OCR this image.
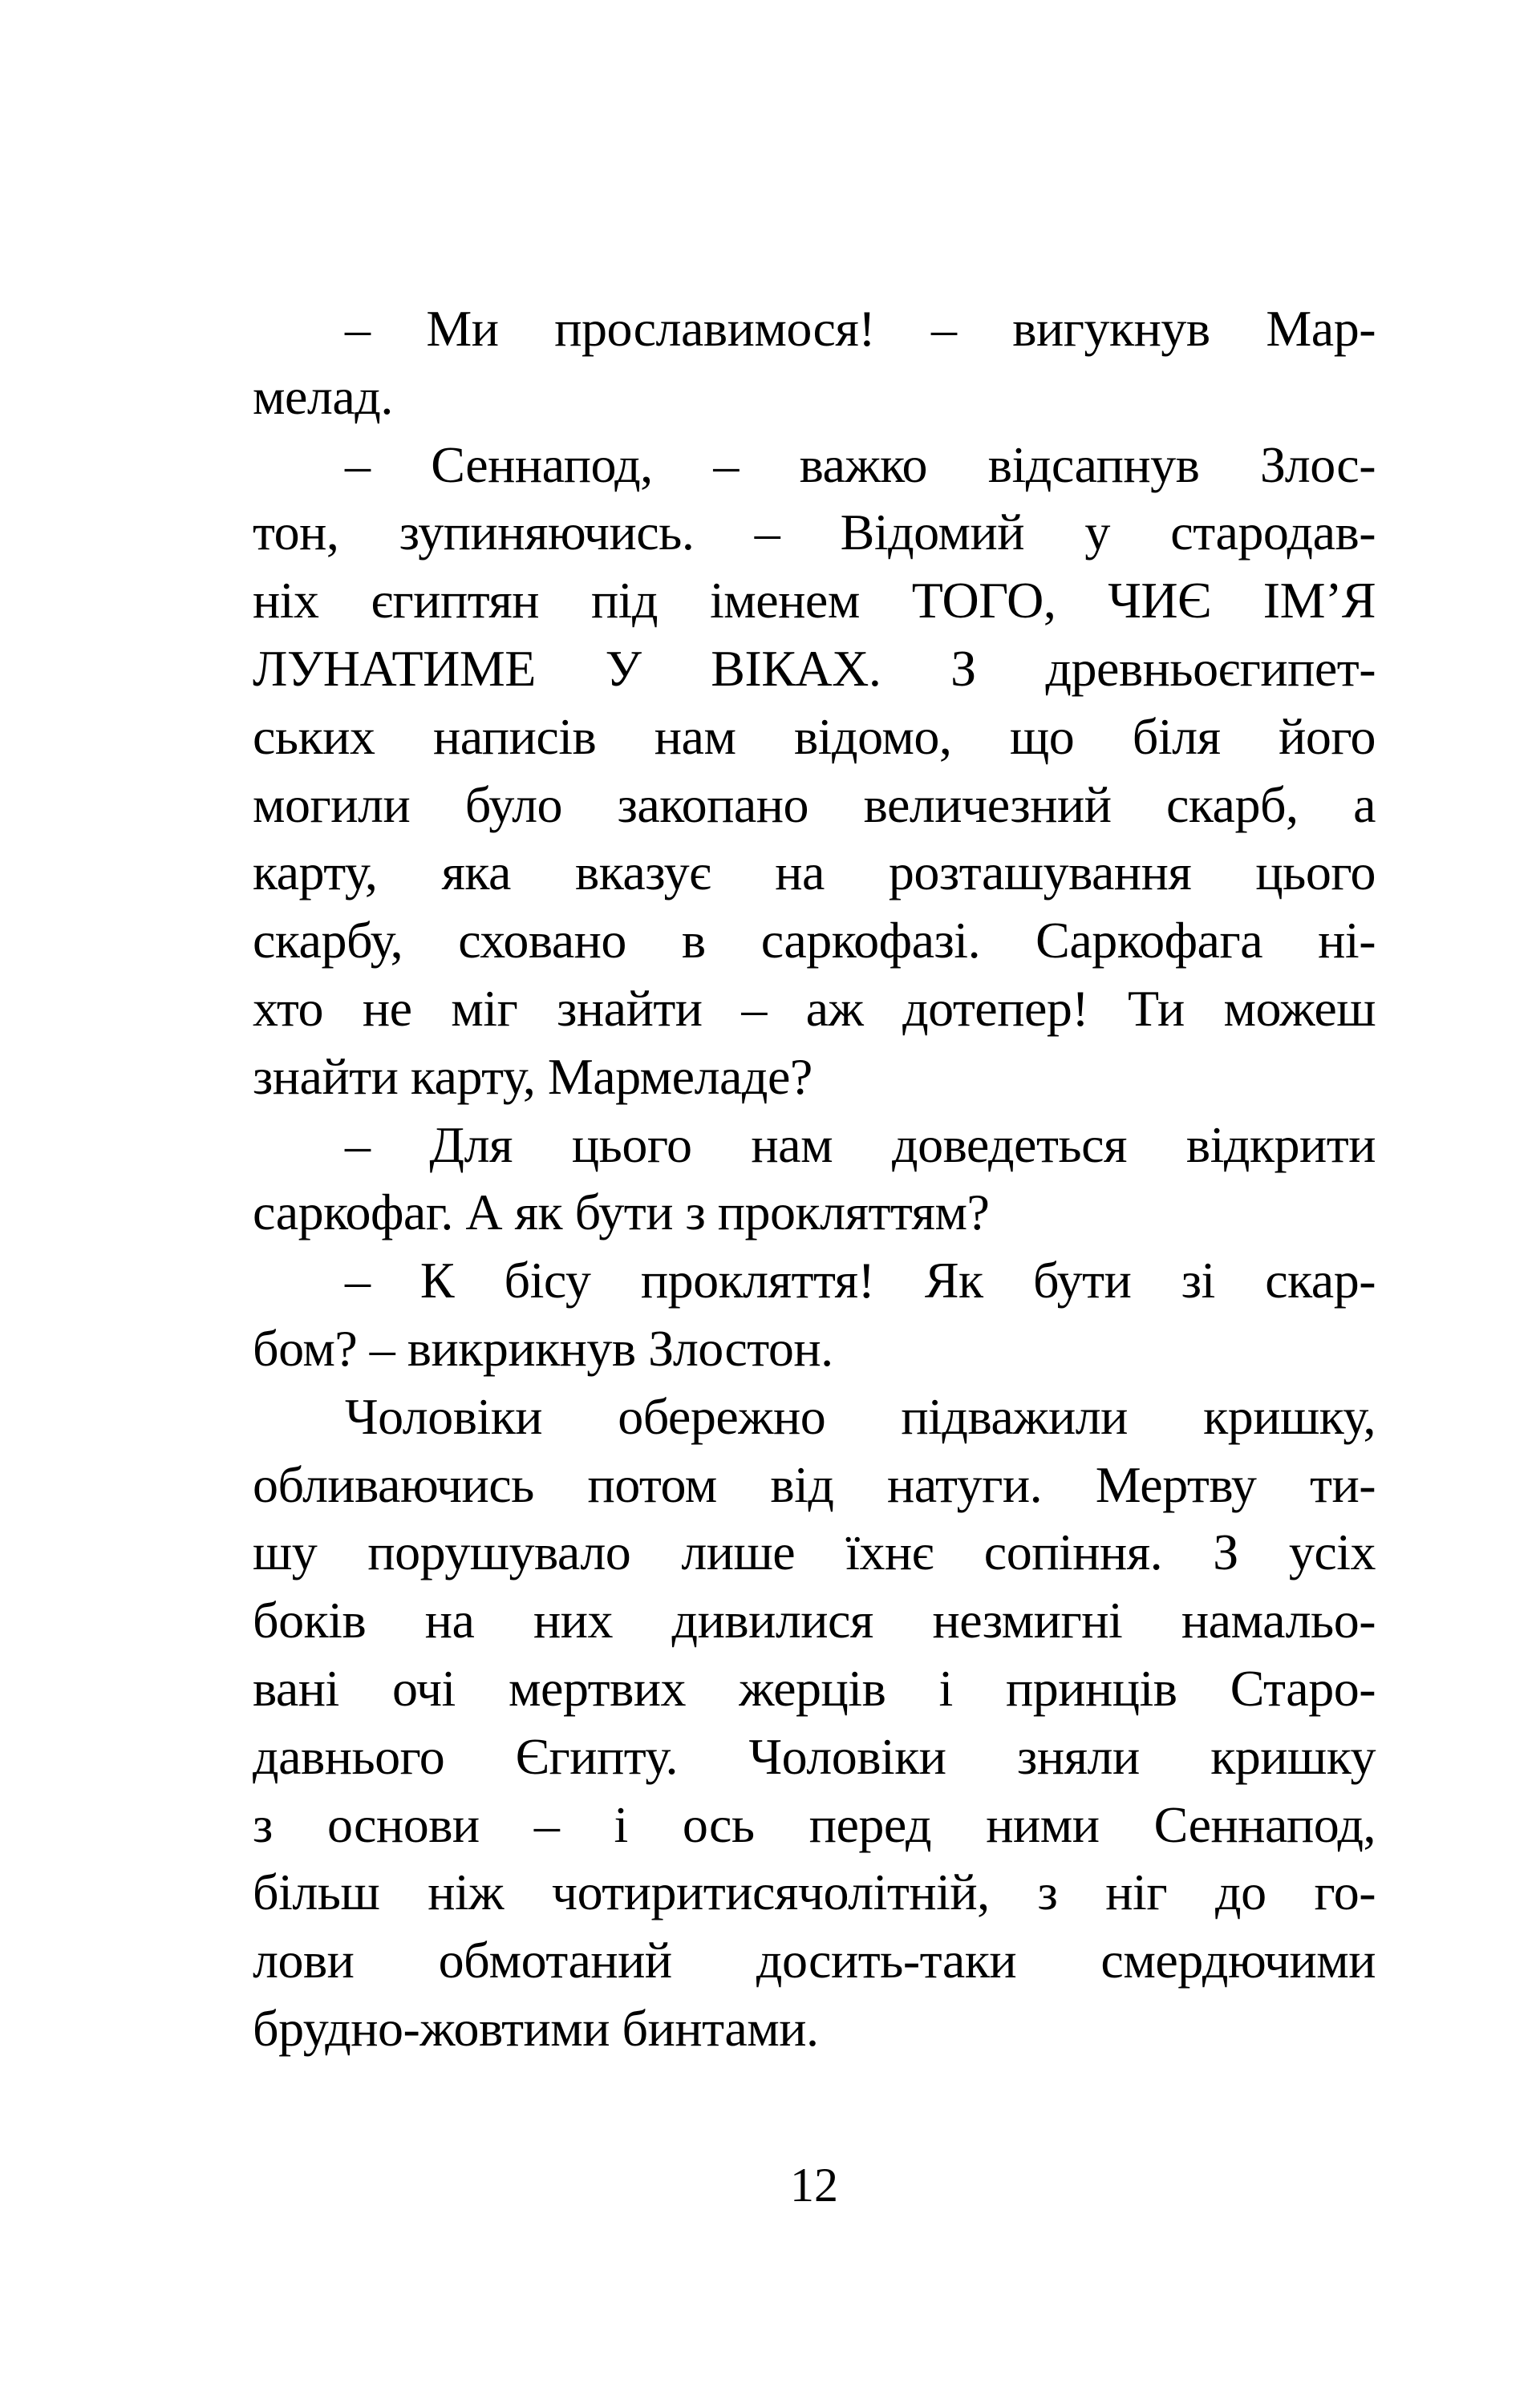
– Ми прославимося! – вигукнув Мар-
мелад.
– Сеннапод, – важко відсапнув Злос-
тон, зупиняючись. – Відомий у стародав-
ніх єгиптян під іменем ТОГО, ЧИЄ ІМ’Я
ЛУНАТИМЕ У ВІКАХ. З древньоєгипет-
ських написів нам відомо, що біля його
могили було закопано величезний скарб, а
карту, яка вказує на розташування цього
скарбу, сховано в саркофазі. Саркофага ні-
хто не міг знайти – аж дотепер! Ти можеш
знайти карту, Мармеладе?
– Для цього нам доведеться відкрити
саркофаг. А як бути з прокляттям?
– К бісу прокляття! Як бути зі скар-
бом? – викрикнув Злостон.
Чоловіки обережно підважили кришку,
обливаючись потом від натуги. Мертву ти-
шу порушувало лише їхнє сопіння. З усіх
боків на них дивилися незмигні намальо-
вані очі мертвих жерців і принців Старо-
давнього Єгипту. Чоловіки зняли кришку
з основи – і ось перед ними Сеннапод,
більш ніж чотиритисячолітній, з ніг до го-
лови обмотаний досить-таки смердючими
брудно-жовтими бинтами.
12
